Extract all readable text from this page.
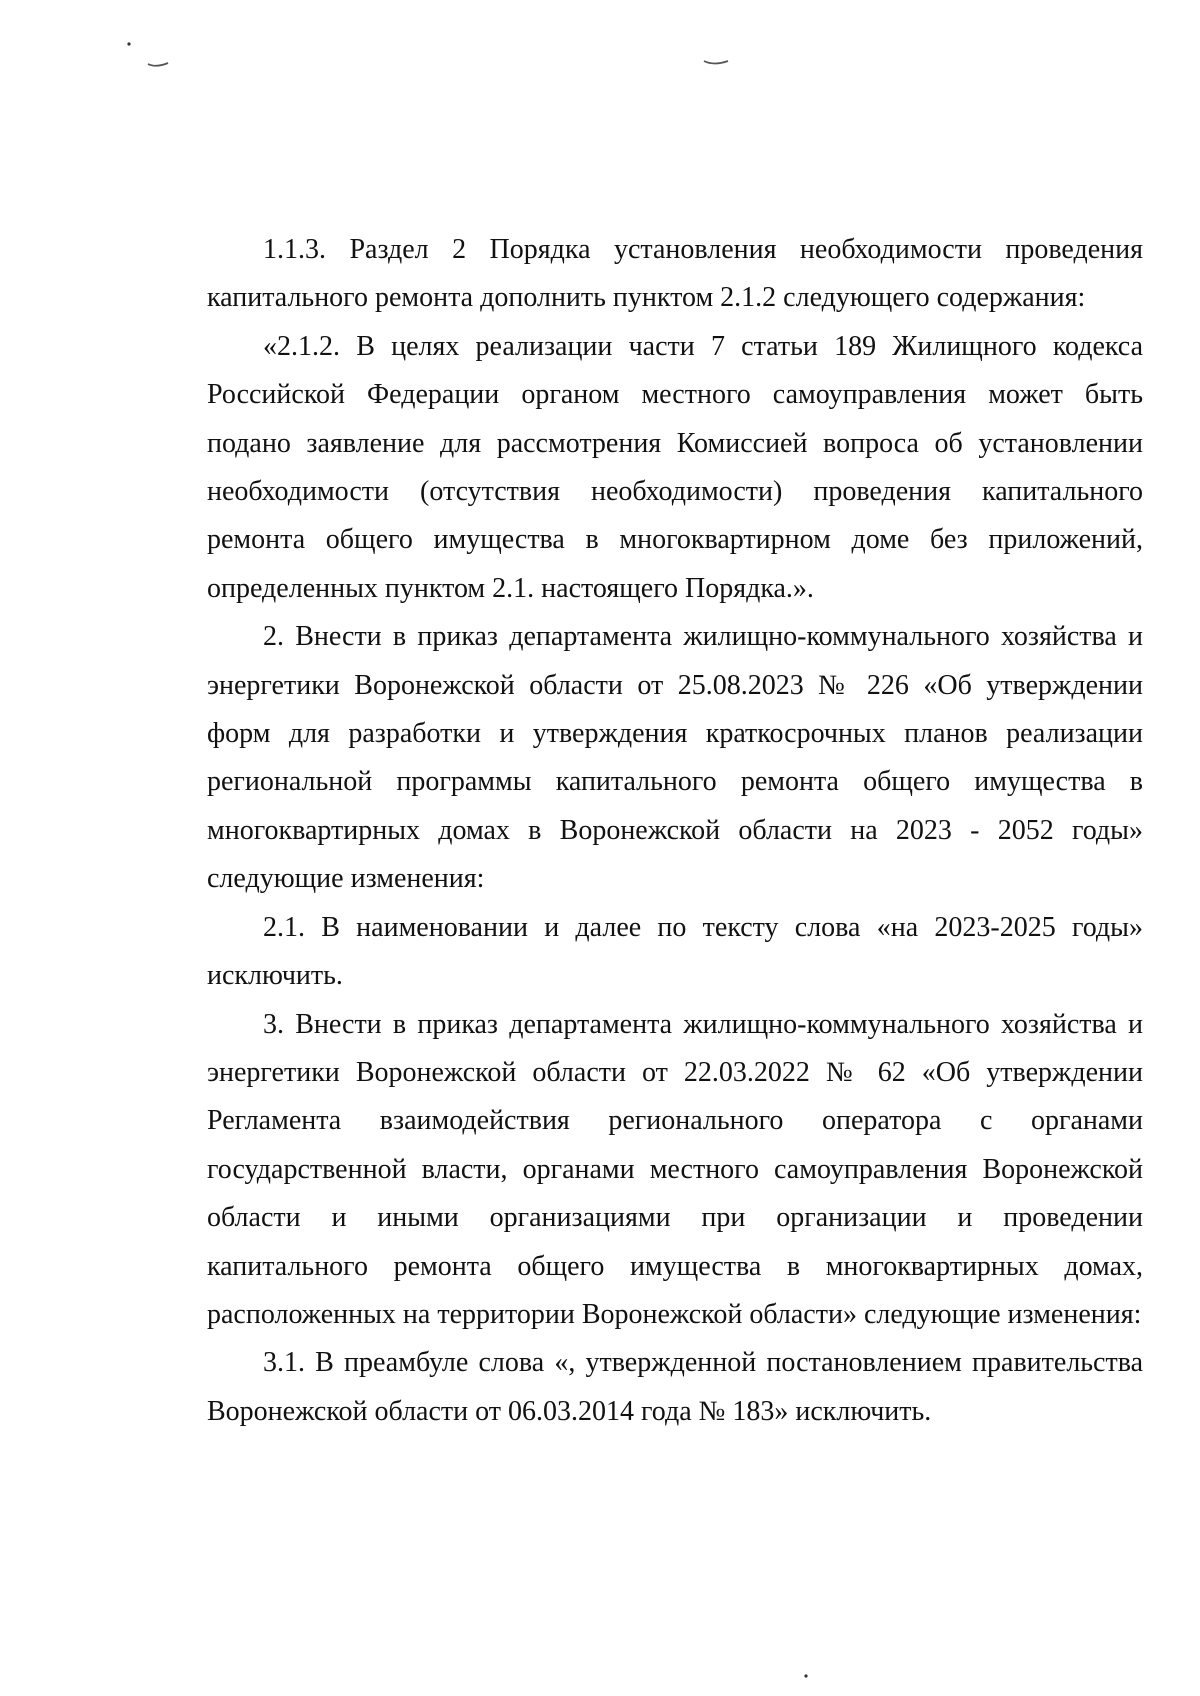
1.1.3. Раздел 2 Порядка установления необходимости проведения капитального ремонта дополнить пунктом 2.1.2 следующего содержания:

«2.1.2. В целях реализации части 7 статьи 189 Жилищного кодекса Российской Федерации органом местного самоуправления может быть подано заявление для рассмотрения Комиссией вопроса об установлении необходимости (отсутствия необходимости) проведения капитального ремонта общего имущества в многоквартирном доме без приложений, определенных пунктом 2.1. настоящего Порядка.».

2. Внести в приказ департамента жилищно-коммунального хозяйства и энергетики Воронежской области от 25.08.2023 № 226 «Об утверждении форм для разработки и утверждения краткосрочных планов реализации региональной программы капитального ремонта общего имущества в многоквартирных домах в Воронежской области на 2023 - 2052 годы» следующие изменения:

2.1. В наименовании и далее по тексту слова «на 2023-2025 годы» исключить.

3. Внести в приказ департамента жилищно-коммунального хозяйства и энергетики Воронежской области от 22.03.2022 № 62 «Об утверждении Регламента взаимодействия регионального оператора с органами государственной власти, органами местного самоуправления Воронежской области и иными организациями при организации и проведении капитального ремонта общего имущества в многоквартирных домах, расположенных на территории Воронежской области» следующие изменения:

3.1. В преамбуле слова «, утвержденной постановлением правительства Воронежской области от 06.03.2014 года № 183» исключить.
